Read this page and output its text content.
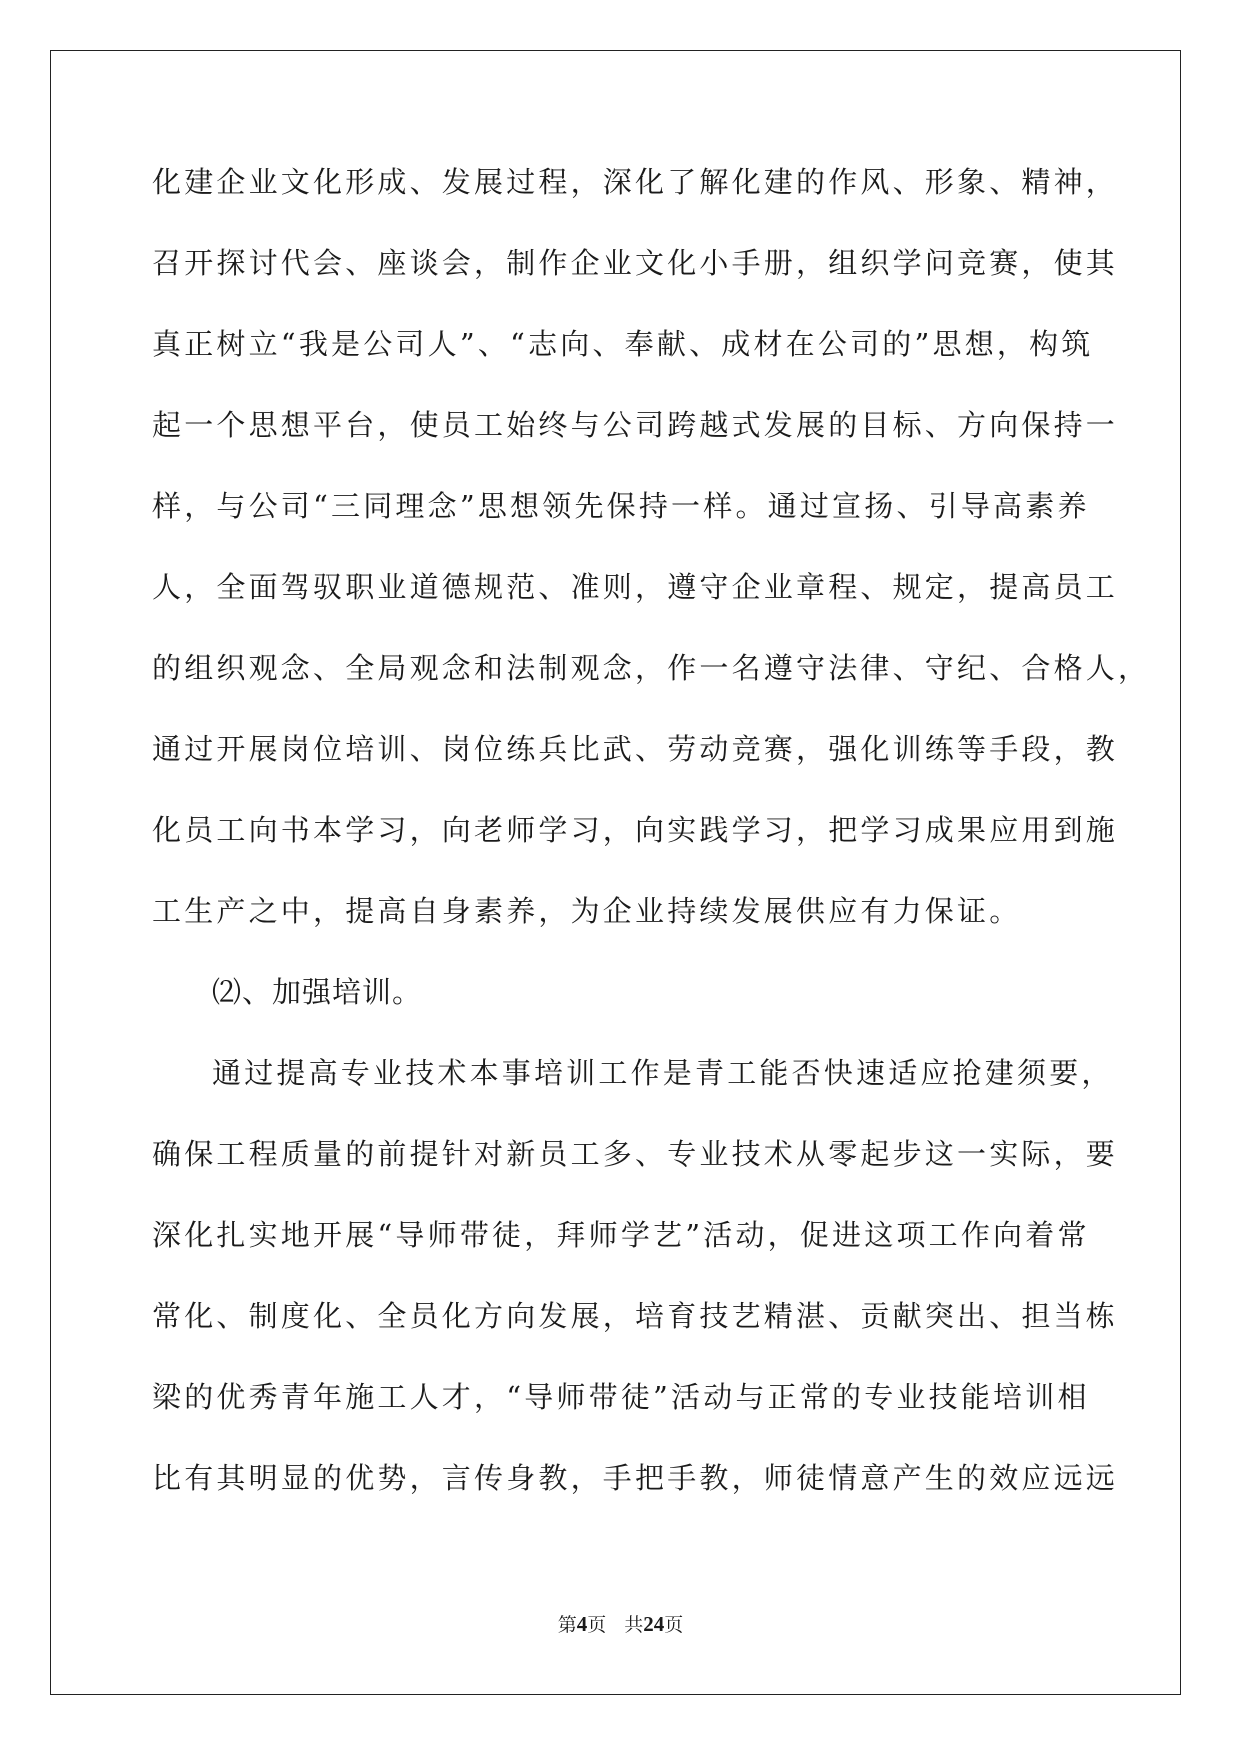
化建企业文化形成、发展过程，深化了解化建的作风、形象、精神，
召开探讨代会、座谈会，制作企业文化小手册，组织学问竞赛，使其
真正树立“我是公司人”、“志向、奉献、成材在公司的”思想，构筑
起一个思想平台，使员工始终与公司跨越式发展的目标、方向保持一
样，与公司“三同理念”思想领先保持一样。通过宣扬、引导高素养
人，全面驾驭职业道德规范、准则，遵守企业章程、规定，提高员工
的组织观念、全局观念和法制观念，作一名遵守法律、守纪、合格人，
通过开展岗位培训、岗位练兵比武、劳动竞赛，强化训练等手段，教
化员工向书本学习，向老师学习，向实践学习，把学习成果应用到施
工生产之中，提高自身素养，为企业持续发展供应有力保证。
⑵、加强培训。
通过提高专业技术本事培训工作是青工能否快速适应抢建须要，
确保工程质量的前提针对新员工多、专业技术从零起步这一实际，要
深化扎实地开展“导师带徒，拜师学艺”活动，促进这项工作向着常
常化、制度化、全员化方向发展，培育技艺精湛、贡献突出、担当栋
梁的优秀青年施工人才，“导师带徒”活动与正常的专业技能培训相
比有其明显的优势，言传身教，手把手教，师徒情意产生的效应远远
第4页 共24页
